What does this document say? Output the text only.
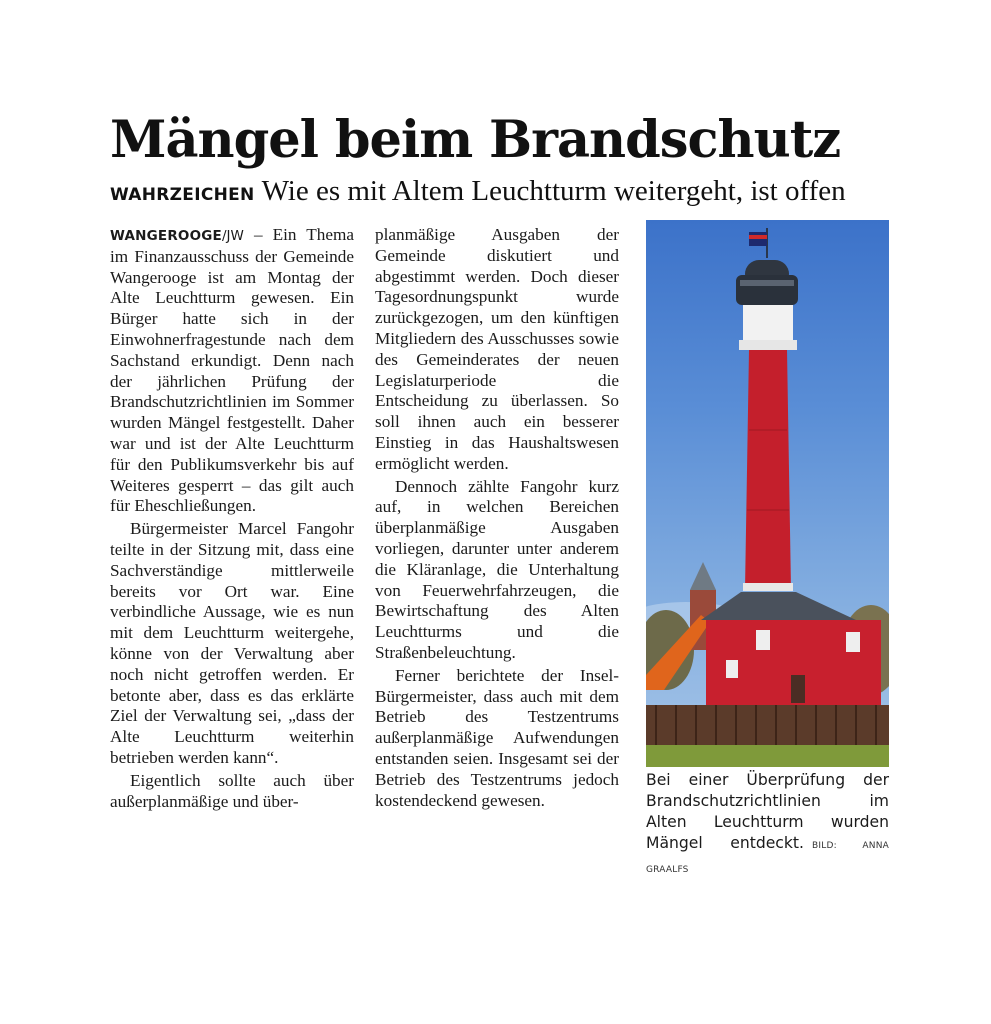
Mängel beim Brandschutz
WAHRZEICHEN Wie es mit Altem Leuchtturm weitergeht, ist offen

WANGEROOGE/JW – Ein Thema im Finanzausschuss der Gemeinde Wangerooge ist am Montag der Alte Leuchtturm gewesen. Ein Bürger hatte sich in der Einwohnerfragestunde nach dem Sachstand erkundigt. Denn nach der jährlichen Prüfung der Brandschutzrichtlinien im Sommer wurden Mängel festgestellt. Daher war und ist der Alte Leuchtturm für den Publikumsverkehr bis auf Weiteres gesperrt – das gilt auch für Eheschließungen.

Bürgermeister Marcel Fangohr teilte in der Sitzung mit, dass eine Sachverständige mittlerweile bereits vor Ort war. Eine verbindliche Aussage, wie es nun mit dem Leuchtturm weitergehe, könne von der Verwaltung aber noch nicht getroffen werden. Er betonte aber, dass es das erklärte Ziel der Verwaltung sei, „dass der Alte Leuchtturm weiterhin betrieben werden kann“.

Eigentlich sollte auch über außerplanmäßige und über-

planmäßige Ausgaben der Gemeinde diskutiert und abgestimmt werden. Doch dieser Tagesordnungspunkt wurde zurückgezogen, um den künftigen Mitgliedern des Ausschusses sowie des Gemeinderates der neuen Legislaturperiode die Entscheidung zu überlassen. So soll ihnen auch ein besserer Einstieg in das Haushaltswesen ermöglicht werden.

Dennoch zählte Fangohr kurz auf, in welchen Bereichen überplanmäßige Ausgaben vorliegen, darunter unter anderem die Kläranlage, die Unterhaltung von Feuerwehrfahrzeugen, die Bewirtschaftung des Alten Leuchtturms und die Straßenbeleuchtung.

Ferner berichtete der Insel-Bürgermeister, dass auch mit dem Betrieb des Testzentrums außerplanmäßige Aufwendungen entstanden seien. Insgesamt sei der Betrieb des Testzentrums jedoch kostendeckend gewesen.

Bei einer Überprüfung der Brandschutzrichtlinien im Alten Leuchtturm wurden Mängel entdeckt. BILD: ANNA GRAALFS
